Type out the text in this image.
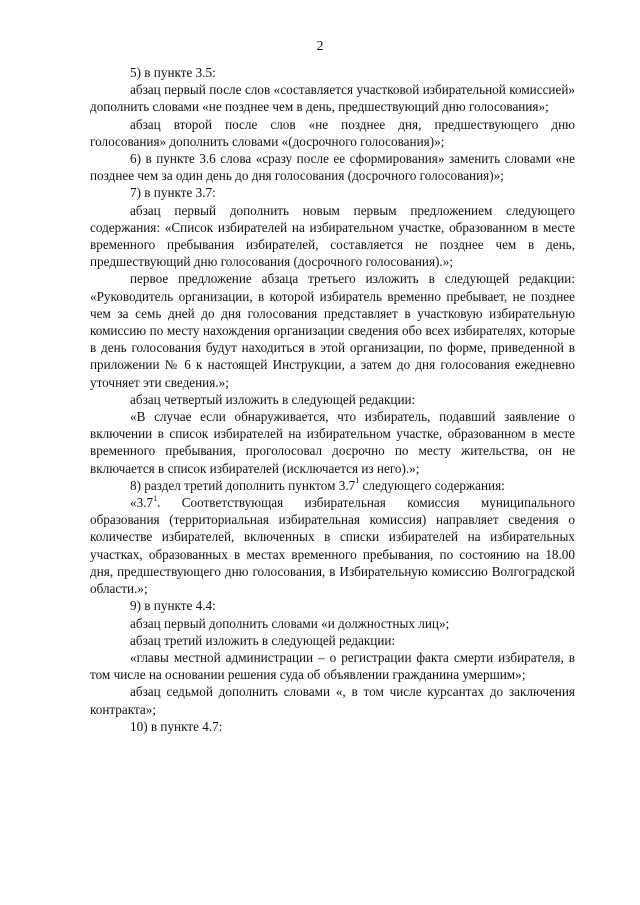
2

5) в пункте 3.5:

абзац первый после слов «составляется участковой избирательной комиссией» дополнить словами «не позднее чем в день, предшествующий дню голосования»;

абзац второй после слов «не позднее дня, предшествующего дню голосования» дополнить словами «(досрочного голосования)»;

6) в пункте 3.6 слова «сразу после ее сформирования» заменить словами «не позднее чем за один день до дня голосования (досрочного голосования)»;

7) в пункте 3.7:

абзац первый дополнить новым первым предложением следующего содержания: «Список избирателей на избирательном участке, образованном в месте временного пребывания избирателей, составляется не позднее чем в день, предшествующий дню голосования (досрочного голосования).»;

первое предложение абзаца третьего изложить в следующей редакции: «Руководитель организации, в которой избиратель временно пребывает, не позднее чем за семь дней до дня голосования представляет в участковую избирательную комиссию по месту нахождения организации сведения обо всех избирателях, которые в день голосования будут находиться в этой организации, по форме, приведенной в приложении № 6 к настоящей Инструкции, а затем до дня голосования ежедневно уточняет эти сведения.»;

абзац четвертый изложить в следующей редакции:

«В случае если обнаруживается, что избиратель, подавший заявление о включении в список избирателей на избирательном участке, образованном в месте временного пребывания, проголосовал досрочно по месту жительства, он не включается в список избирателей (исключается из него).»;

8) раздел третий дополнить пунктом $3.7^1$ следующего содержания:

«$3.7^1$. Соответствующая избирательная комиссия муниципального образования (территориальная избирательная комиссия) направляет сведения о количестве избирателей, включенных в списки избирателей на избирательных участках, образованных в местах временного пребывания, по состоянию на 18.00 дня, предшествующего дню голосования, в Избирательную комиссию Волгоградской области.»;

9) в пункте 4.4:

абзац первый дополнить словами «и должностных лиц»;

абзац третий изложить в следующей редакции:

«главы местной администрации – о регистрации факта смерти избирателя, в том числе на основании решения суда об объявлении гражданина умершим»;

абзац седьмой дополнить словами «, в том числе курсантах до заключения контракта»;

10) в пункте 4.7:
